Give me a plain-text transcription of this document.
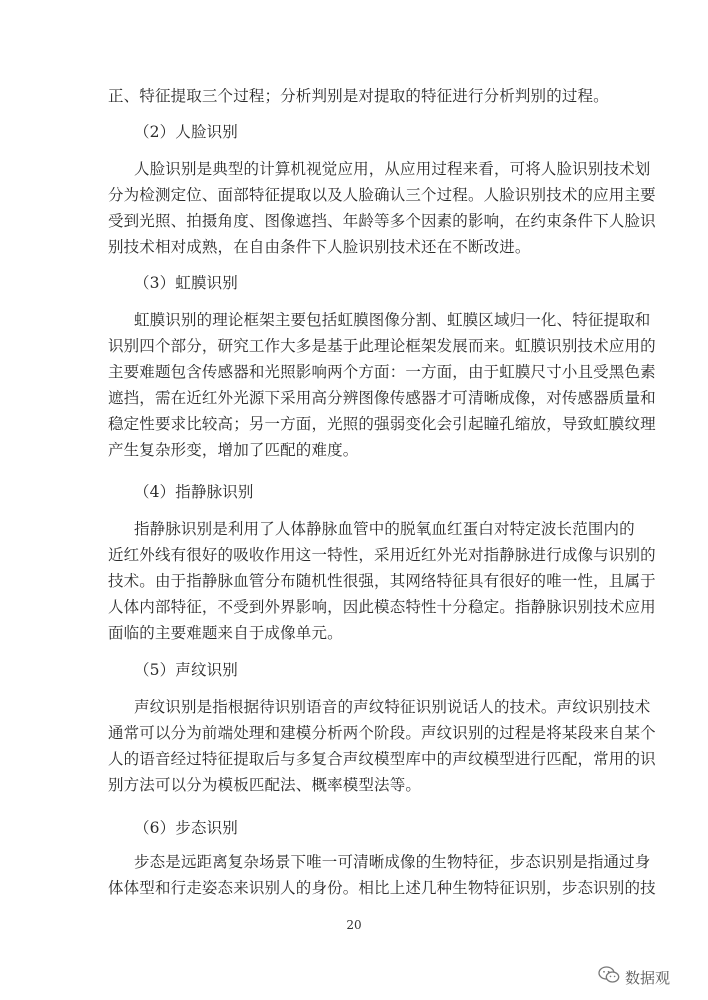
正、特征提取三个过程；分析判别是对提取的特征进行分析判别的过程。
（2）人脸识别
人脸识别是典型的计算机视觉应用，从应用过程来看，可将人脸识别技术划
分为检测定位、面部特征提取以及人脸确认三个过程。人脸识别技术的应用主要
受到光照、拍摄角度、图像遮挡、年龄等多个因素的影响，在约束条件下人脸识
别技术相对成熟，在自由条件下人脸识别技术还在不断改进。
（3）虹膜识别
虹膜识别的理论框架主要包括虹膜图像分割、虹膜区域归一化、特征提取和
识别四个部分，研究工作大多是基于此理论框架发展而来。虹膜识别技术应用的
主要难题包含传感器和光照影响两个方面：一方面，由于虹膜尺寸小且受黑色素
遮挡，需在近红外光源下采用高分辨图像传感器才可清晰成像，对传感器质量和
稳定性要求比较高；另一方面，光照的强弱变化会引起瞳孔缩放，导致虹膜纹理
产生复杂形变，增加了匹配的难度。
（4）指静脉识别
指静脉识别是利用了人体静脉血管中的脱氧血红蛋白对特定波长范围内的
近红外线有很好的吸收作用这一特性，采用近红外光对指静脉进行成像与识别的
技术。由于指静脉血管分布随机性很强，其网络特征具有很好的唯一性，且属于
人体内部特征，不受到外界影响，因此模态特性十分稳定。指静脉识别技术应用
面临的主要难题来自于成像单元。
（5）声纹识别
声纹识别是指根据待识别语音的声纹特征识别说话人的技术。声纹识别技术
通常可以分为前端处理和建模分析两个阶段。声纹识别的过程是将某段来自某个
人的语音经过特征提取后与多复合声纹模型库中的声纹模型进行匹配，常用的识
别方法可以分为模板匹配法、概率模型法等。
（6）步态识别
步态是远距离复杂场景下唯一可清晰成像的生物特征，步态识别是指通过身
体体型和行走姿态来识别人的身份。相比上述几种生物特征识别，步态识别的技
20
数据观
